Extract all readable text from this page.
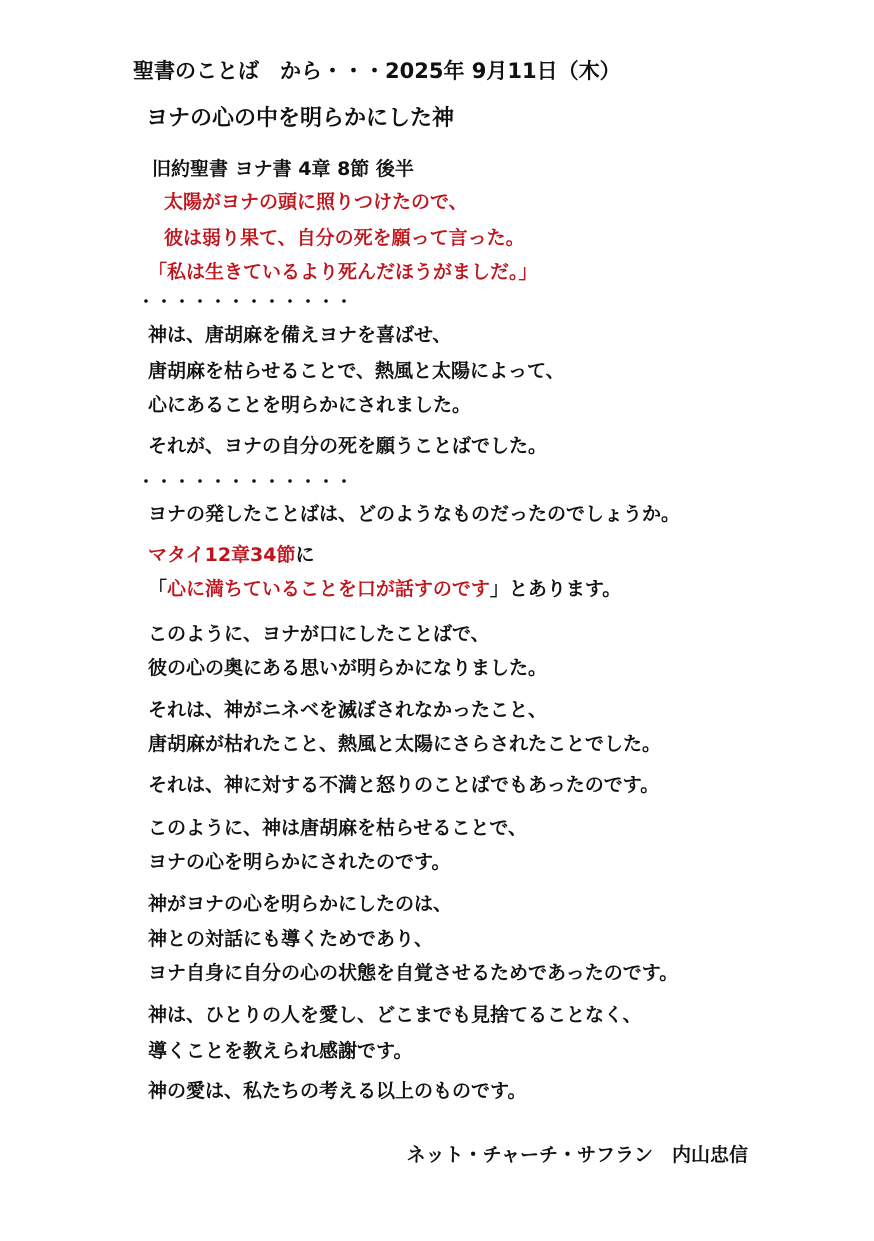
聖書のことば　から・・・2025年 9月11日（木）
ヨナの心の中を明らかにした神
旧約聖書 ヨナ書 4章 8節 後半
太陽がヨナの頭に照りつけたので、
彼は弱り果て、自分の死を願って言った。
「私は生きているより死んだほうがましだ。」
・・・・・・・・・・・・
神は、唐胡麻を備えヨナを喜ばせ、
唐胡麻を枯らせることで、熱風と太陽によって、
心にあることを明らかにされました。
それが、ヨナの自分の死を願うことばでした。
・・・・・・・・・・・・
ヨナの発したことばは、どのようなものだったのでしょうか。
マタイ12章34節に
「心に満ちていることを口が話すのです」とあります。
このように、ヨナが口にしたことばで、
彼の心の奥にある思いが明らかになりました。
それは、神がニネベを滅ぼされなかったこと、
唐胡麻が枯れたこと、熱風と太陽にさらされたことでした。
それは、神に対する不満と怒りのことばでもあったのです。
このように、神は唐胡麻を枯らせることで、
ヨナの心を明らかにされたのです。
神がヨナの心を明らかにしたのは、
神との対話にも導くためであり、
ヨナ自身に自分の心の状態を自覚させるためであったのです。
神は、ひとりの人を愛し、どこまでも見捨てることなく、
導くことを教えられ感謝です。
神の愛は、私たちの考える以上のものです。
ネット・チャーチ・サフラン　内山忠信
